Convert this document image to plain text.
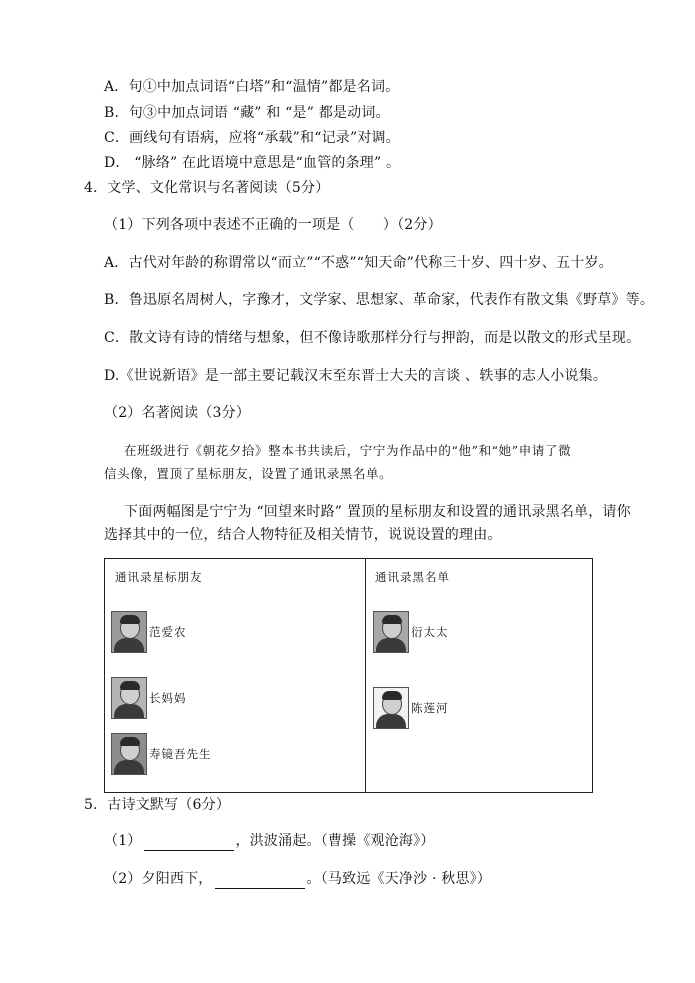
A．句①中加点词语“白塔”和“温情”都是名词。
B．句③中加点词语 “藏” 和 “是” 都是动词。
C．画线句有语病，应将“承载”和“记录”对调。
D． “脉络” 在此语境中意思是“血管的条理” 。
4．文学、文化常识与名著阅读（5分）
（1）下列各项中表述不正确的一项是（　　）（2分）
A．古代对年龄的称谓常以“而立”“不惑”“知天命”代称三十岁、四十岁、五十岁。
B．鲁迅原名周树人，字豫才，文学家、思想家、革命家，代表作有散文集《野草》等。
C．散文诗有诗的情绪与想象，但不像诗歌那样分行与押韵，而是以散文的形式呈现。
D.《世说新语》是一部主要记载汉末至东晋士大夫的言谈 、轶事的志人小说集。
（2）名著阅读（3分）
在班级进行《朝花夕拾》整本书共读后，宁宁为作品中的“他”和“她”申请了微
信头像，置顶了星标朋友，设置了通讯录黑名单。
下面两幅图是宁宁为 “回望来时路” 置顶的星标朋友和设置的通讯录黑名单，请你
选择其中的一位，结合人物特征及相关情节，说说设置的理由。
通讯录星标朋友	通讯录黑名单
范爱农
长妈妈
寿镜吾先生
衍太太
陈莲河
5．古诗文默写（6分）
（1）	，洪波涌起。（曹操《观沧海》）
（2）夕阳西下，	。（马致远《天净沙 · 秋思》）
